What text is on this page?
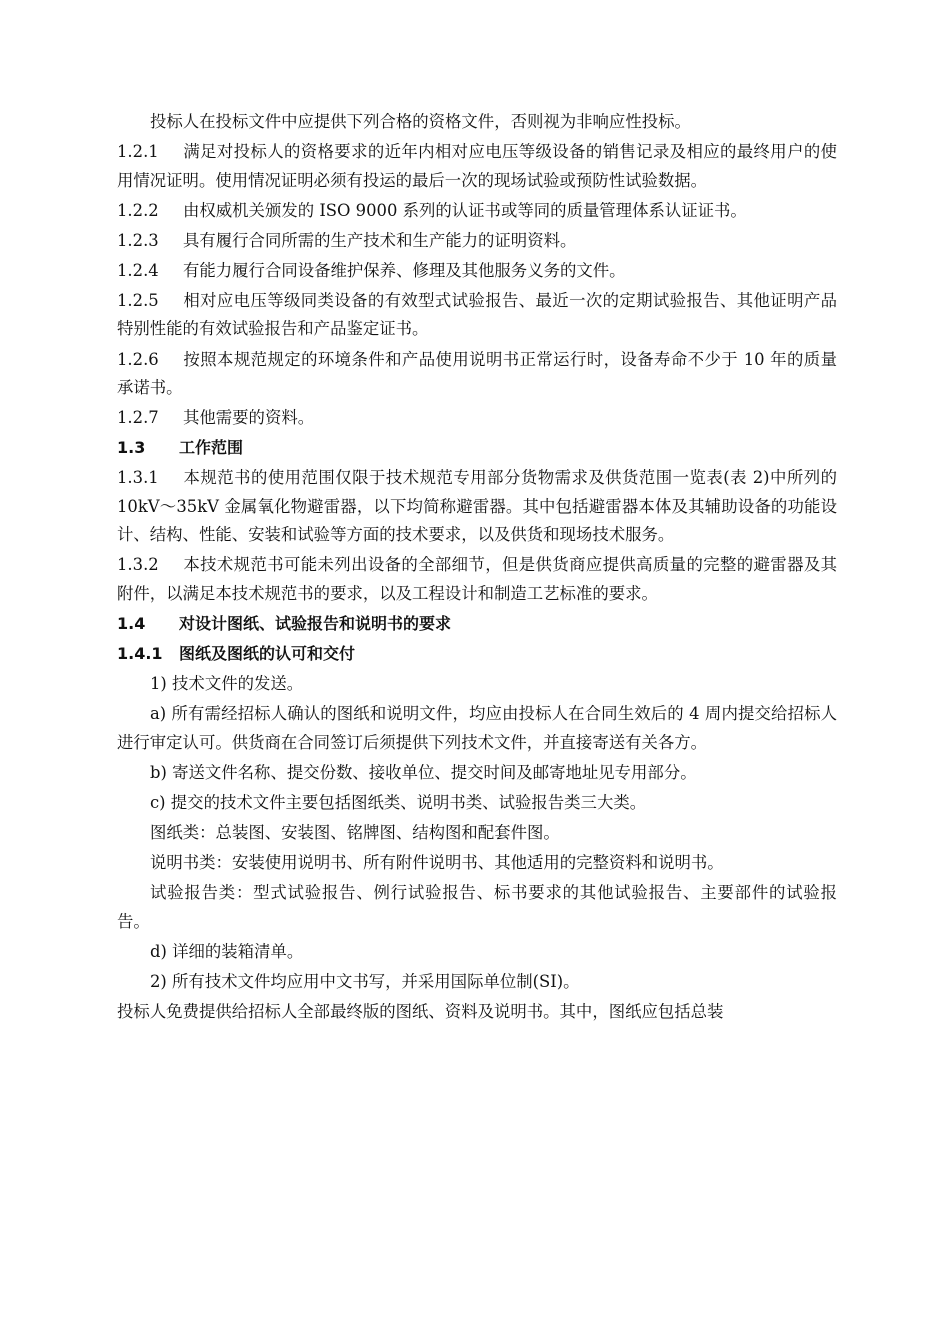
投标人在投标文件中应提供下列合格的资格文件，否则视为非响应性投标。

1.2.1 满足对投标人的资格要求的近年内相对应电压等级设备的销售记录及相应的最终用户的使用情况证明。使用情况证明必须有投运的最后一次的现场试验或预防性试验数据。

1.2.2 由权威机关颁发的 ISO 9000 系列的认证书或等同的质量管理体系认证证书。

1.2.3 具有履行合同所需的生产技术和生产能力的证明资料。

1.2.4 有能力履行合同设备维护保养、修理及其他服务义务的文件。

1.2.5 相对应电压等级同类设备的有效型式试验报告、最近一次的定期试验报告、其他证明产品特别性能的有效试验报告和产品鉴定证书。

1.2.6 按照本规范规定的环境条件和产品使用说明书正常运行时，设备寿命不少于 10 年的质量承诺书。

1.2.7 其他需要的资料。

1.3 工作范围

1.3.1 本规范书的使用范围仅限于技术规范专用部分货物需求及供货范围一览表(表 2)中所列的 10kV～35kV 金属氧化物避雷器，以下均简称避雷器。其中包括避雷器本体及其辅助设备的功能设计、结构、性能、安装和试验等方面的技术要求，以及供货和现场技术服务。

1.3.2 本技术规范书可能未列出设备的全部细节，但是供货商应提供高质量的完整的避雷器及其附件，以满足本技术规范书的要求，以及工程设计和制造工艺标准的要求。

1.4 对设计图纸、试验报告和说明书的要求

1.4.1 图纸及图纸的认可和交付

1) 技术文件的发送。

a) 所有需经招标人确认的图纸和说明文件，均应由投标人在合同生效后的 4 周内提交给招标人进行审定认可。供货商在合同签订后须提供下列技术文件，并直接寄送有关各方。

b) 寄送文件名称、提交份数、接收单位、提交时间及邮寄地址见专用部分。

c) 提交的技术文件主要包括图纸类、说明书类、试验报告类三大类。

图纸类：总装图、安装图、铭牌图、结构图和配套件图。

说明书类：安装使用说明书、所有附件说明书、其他适用的完整资料和说明书。

试验报告类：型式试验报告、例行试验报告、标书要求的其他试验报告、主要部件的试验报告。

d) 详细的装箱清单。

2) 所有技术文件均应用中文书写，并采用国际单位制(SI)。

投标人免费提供给招标人全部最终版的图纸、资料及说明书。其中，图纸应包括总装
